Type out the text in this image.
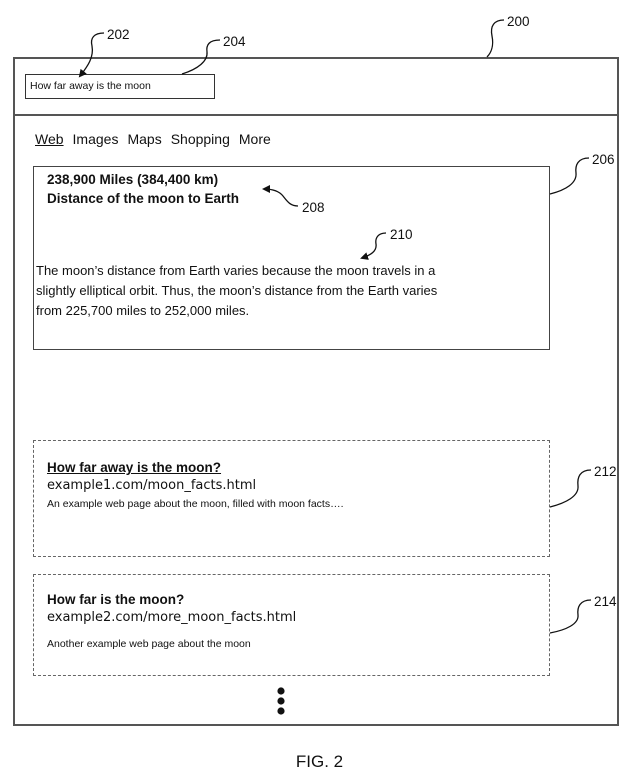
How far away is the moon
Web Images Maps Shopping More
238,900 Miles (384,400 km)
Distance of the moon to Earth
The moon’s distance from Earth varies because the moon travels in a slightly elliptical orbit. Thus, the moon’s distance from the Earth varies from 225,700 miles to 252,000 miles.
How far away is the moon?
example1.com/moon_facts.html
An example web page about the moon, filled with moon facts….
How far is the moon?
example2.com/more_moon_facts.html
Another example web page about the moon
200
202	204
206
208
210
212
214
FIG. 2
